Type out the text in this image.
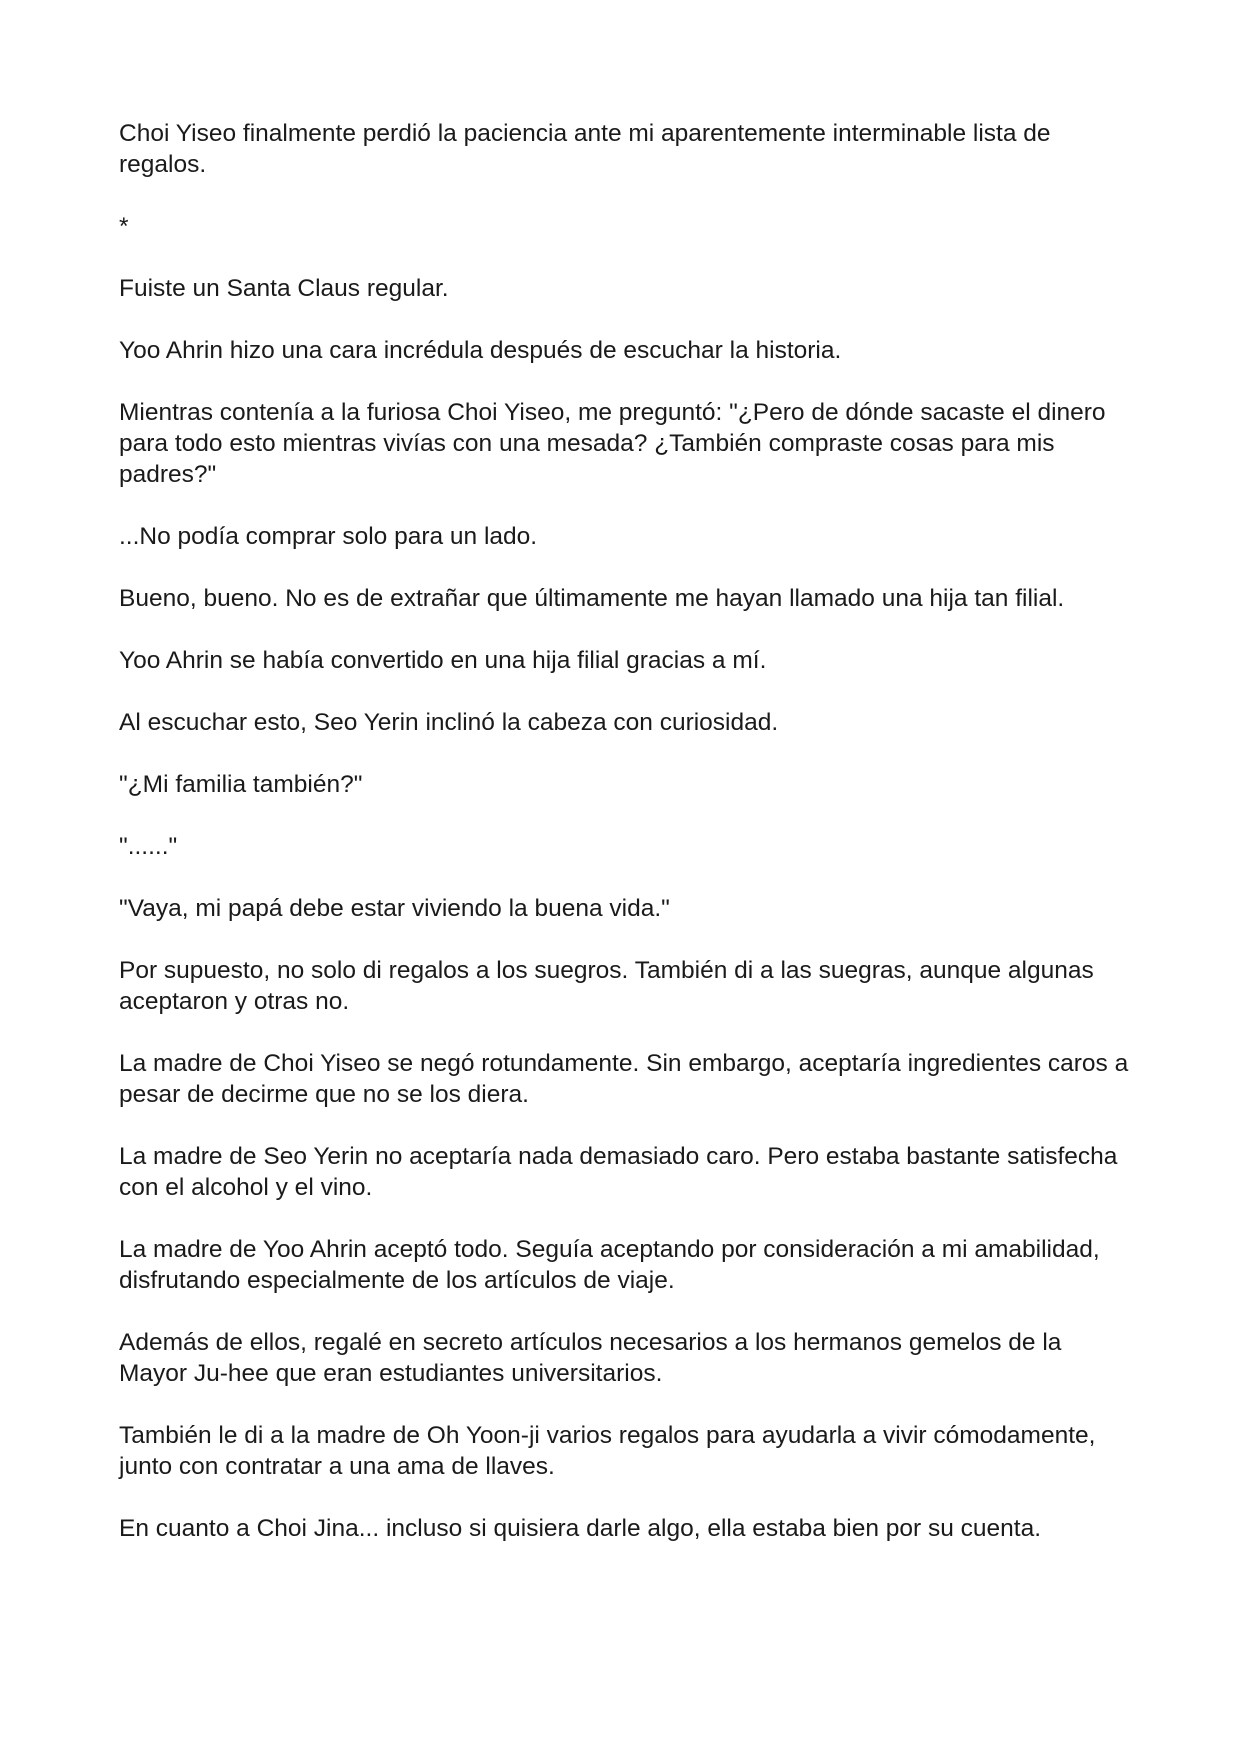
Choi Yiseo finalmente perdió la paciencia ante mi aparentemente interminable lista de regalos.

*

Fuiste un Santa Claus regular.

Yoo Ahrin hizo una cara incrédula después de escuchar la historia.

Mientras contenía a la furiosa Choi Yiseo, me preguntó: "¿Pero de dónde sacaste el dinero para todo esto mientras vivías con una mesada? ¿También compraste cosas para mis padres?"

...No podía comprar solo para un lado.

Bueno, bueno. No es de extrañar que últimamente me hayan llamado una hija tan filial.

Yoo Ahrin se había convertido en una hija filial gracias a mí.

Al escuchar esto, Seo Yerin inclinó la cabeza con curiosidad.

"¿Mi familia también?"

"......"

"Vaya, mi papá debe estar viviendo la buena vida."

Por supuesto, no solo di regalos a los suegros. También di a las suegras, aunque algunas aceptaron y otras no.

La madre de Choi Yiseo se negó rotundamente. Sin embargo, aceptaría ingredientes caros a pesar de decirme que no se los diera.

La madre de Seo Yerin no aceptaría nada demasiado caro. Pero estaba bastante satisfecha con el alcohol y el vino.

La madre de Yoo Ahrin aceptó todo. Seguía aceptando por consideración a mi amabilidad, disfrutando especialmente de los artículos de viaje.

Además de ellos, regalé en secreto artículos necesarios a los hermanos gemelos de la Mayor Ju-hee que eran estudiantes universitarios.

También le di a la madre de Oh Yoon-ji varios regalos para ayudarla a vivir cómodamente, junto con contratar a una ama de llaves.

En cuanto a Choi Jina... incluso si quisiera darle algo, ella estaba bien por su cuenta.
